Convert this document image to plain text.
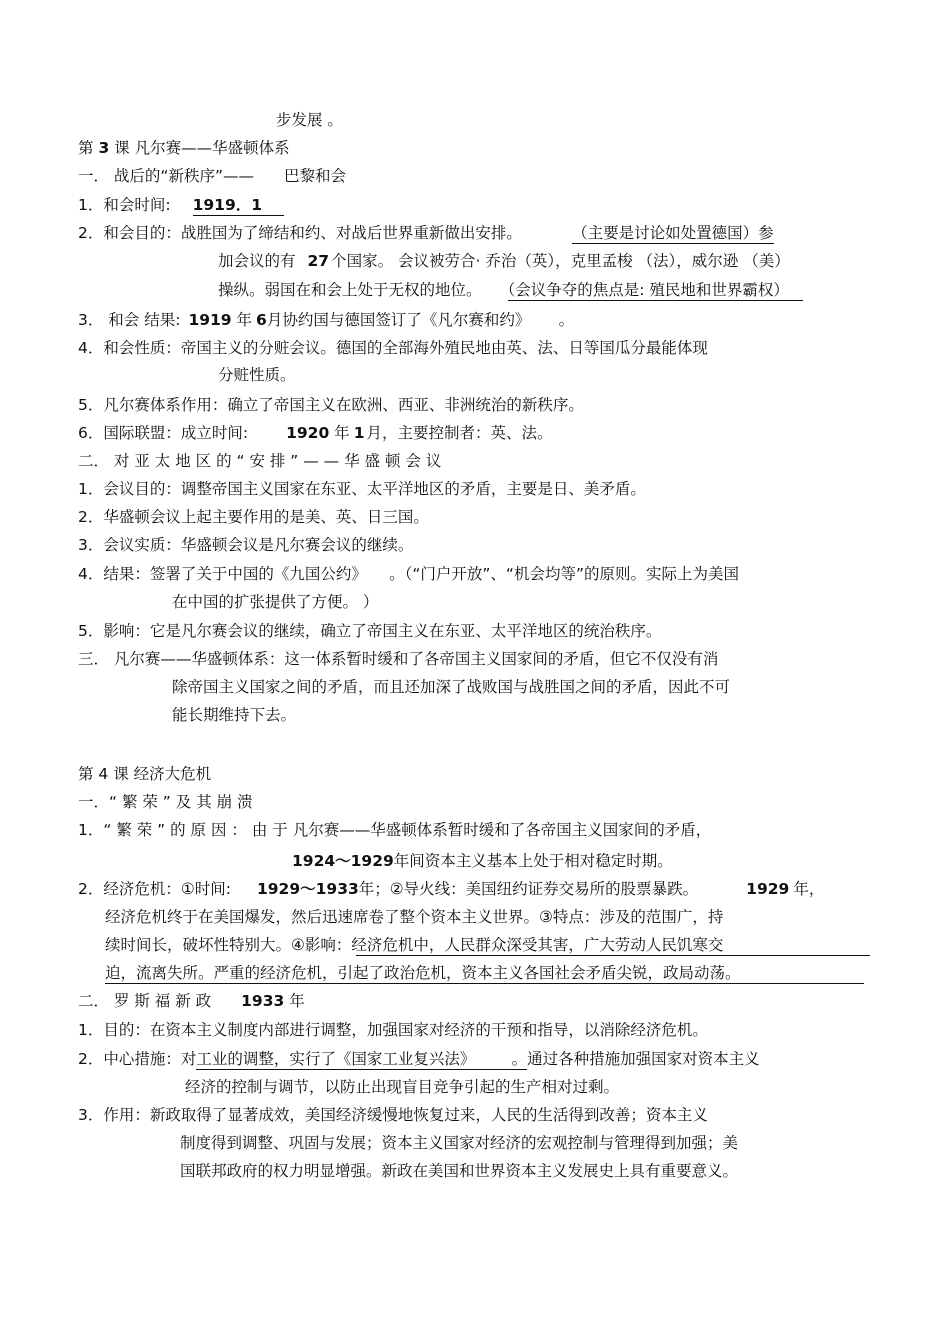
步发展 。
第 3 课 凡尔赛——华盛顿体系
一． 战后的“新秩序”—— 巴黎和会
1．和会时间: 1919．1
2．和会目的：战胜国为了缔结和约、对战后世界重新做出安排。	（主要是讨论如处置德国）参
加会议的有 27 个国家。 会议被劳合· 乔治（英），克里孟梭 （法），威尔逊 （美）
操纵。弱国在和会上处于无权的地位。 （会议争夺的焦点是: 殖民地和世界霸权）
3． 和会 结果: 1919 年 6月协约国与德国签订了《凡尔赛和约》 。
4．和会性质：帝国主义的分赃会议。德国的全部海外殖民地由英、法、日等国瓜分最能体现
分赃性质。
5．凡尔赛体系作用：确立了帝国主义在欧洲、西亚、非洲统治的新秩序。
6．国际联盟：成立时间: 1920 年 1 月，主要控制者：英、法。
二． 对 亚 太 地 区 的 “ 安 排 ” — — 华 盛 顿 会 议
1．会议目的：调整帝国主义国家在东亚、太平洋地区的矛盾，主要是日、美矛盾。
2．华盛顿会议上起主要作用的是美、英、日三国。
3．会议实质：华盛顿会议是凡尔赛会议的继续。
4．结果：签署了关于中国的《九国公约》 。（“门户开放”、“机会均等”的原则。实际上为美国
在中国的扩张提供了方便。 ）
5．影响：它是凡尔赛会议的继续，确立了帝国主义在东亚、太平洋地区的统治秩序。
三． 凡尔赛——华盛顿体系：这一体系暂时缓和了各帝国主义国家间的矛盾，但它不仅没有消
除帝国主义国家之间的矛盾，而且还加深了战败国与战胜国之间的矛盾，因此不可
能长期维持下去。
第 4 课 经济大危机
一．“ 繁 荣 ” 及 其 崩 溃
1．“ 繁 荣 ” 的 原 因 ： 由 于 凡尔赛——华盛顿体系暂时缓和了各帝国主义国家间的矛盾，
1924～1929年间资本主义基本上处于相对稳定时期。
2．经济危机：①时间: 1929～1933年；②导火线：美国纽约证券交易所的股票暴跌。	1929 年，
经济危机终于在美国爆发，然后迅速席卷了整个资本主义世界。③特点：涉及的范围广，持
续时间长，破坏性特别大。④影响：经济危机中，人民群众深受其害，广大劳动人民饥寒交
迫，流离失所。严重的经济危机，引起了政治危机，资本主义各国社会矛盾尖锐，政局动荡。
二． 罗 斯 福 新 政 1933 年
1．目的：在资本主义制度内部进行调整，加强国家对经济的干预和指导，以消除经济危机。
2．中心措施：对工业的调整，实行了《国家工业复兴法》	。通过各种措施加强国家对资本主义
经济的控制与调节，以防止出现盲目竞争引起的生产相对过剩。
3．作用：新政取得了显著成效，美国经济缓慢地恢复过来，人民的生活得到改善；资本主义
制度得到调整、巩固与发展；资本主义国家对经济的宏观控制与管理得到加强；美
国联邦政府的权力明显增强。新政在美国和世界资本主义发展史上具有重要意义。
